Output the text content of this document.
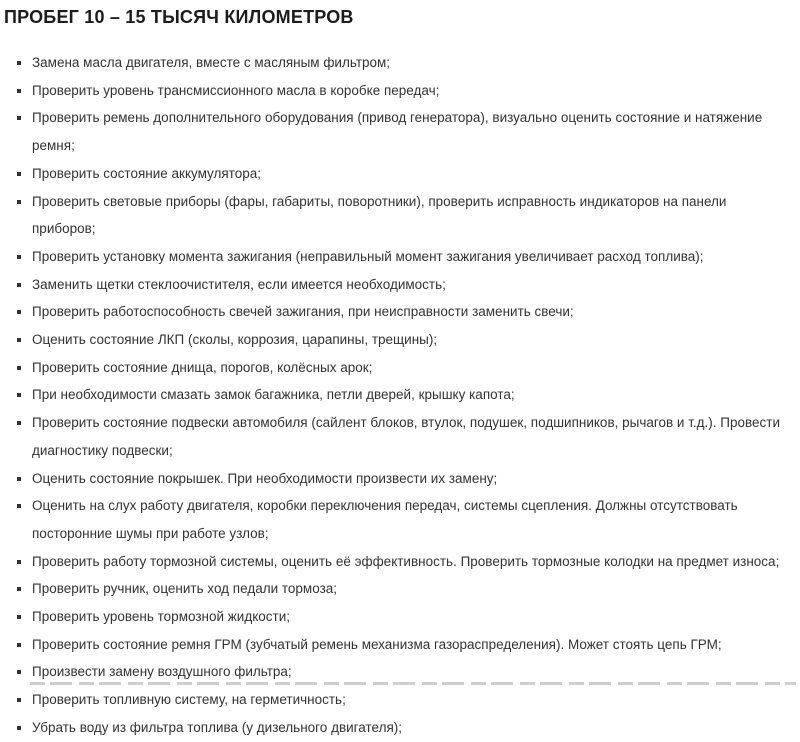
ПРОБЕГ 10 – 15 ТЫСЯЧ КИЛОМЕТРОВ
Замена масла двигателя, вместе с масляным фильтром;
Проверить уровень трансмиссионного масла в коробке передач;
Проверить ремень дополнительного оборудования (привод генератора), визуально оценить состояние и натяжение ремня;
Проверить состояние аккумулятора;
Проверить световые приборы (фары, габариты, поворотники), проверить исправность индикаторов на панели приборов;
Проверить установку момента зажигания (неправильный момент зажигания увеличивает расход топлива);
Заменить щетки стеклоочистителя, если имеется необходимость;
Проверить работоспособность свечей зажигания, при неисправности заменить свечи;
Оценить состояние ЛКП (сколы, коррозия, царапины, трещины);
Проверить состояние днища, порогов, колёсных арок;
При необходимости смазать замок багажника, петли дверей, крышку капота;
Проверить состояние подвески автомобиля (сайлент блоков, втулок, подушек, подшипников, рычагов и т.д.). Провести диагностику подвески;
Оценить состояние покрышек. При необходимости произвести их замену;
Оценить на слух работу двигателя, коробки переключения передач, системы сцепления. Должны отсутствовать посторонние шумы при работе узлов;
Проверить работу тормозной системы, оценить её эффективность. Проверить тормозные колодки на предмет износа;
Проверить ручник, оценить ход педали тормоза;
Проверить уровень тормозной жидкости;
Проверить состояние ремня ГРМ (зубчатый ремень механизма газораспределения). Может стоять цепь ГРМ;
Произвести замену воздушного фильтра;
Проверить топливную систему, на герметичность;
Убрать воду из фильтра топлива (у дизельного двигателя);
